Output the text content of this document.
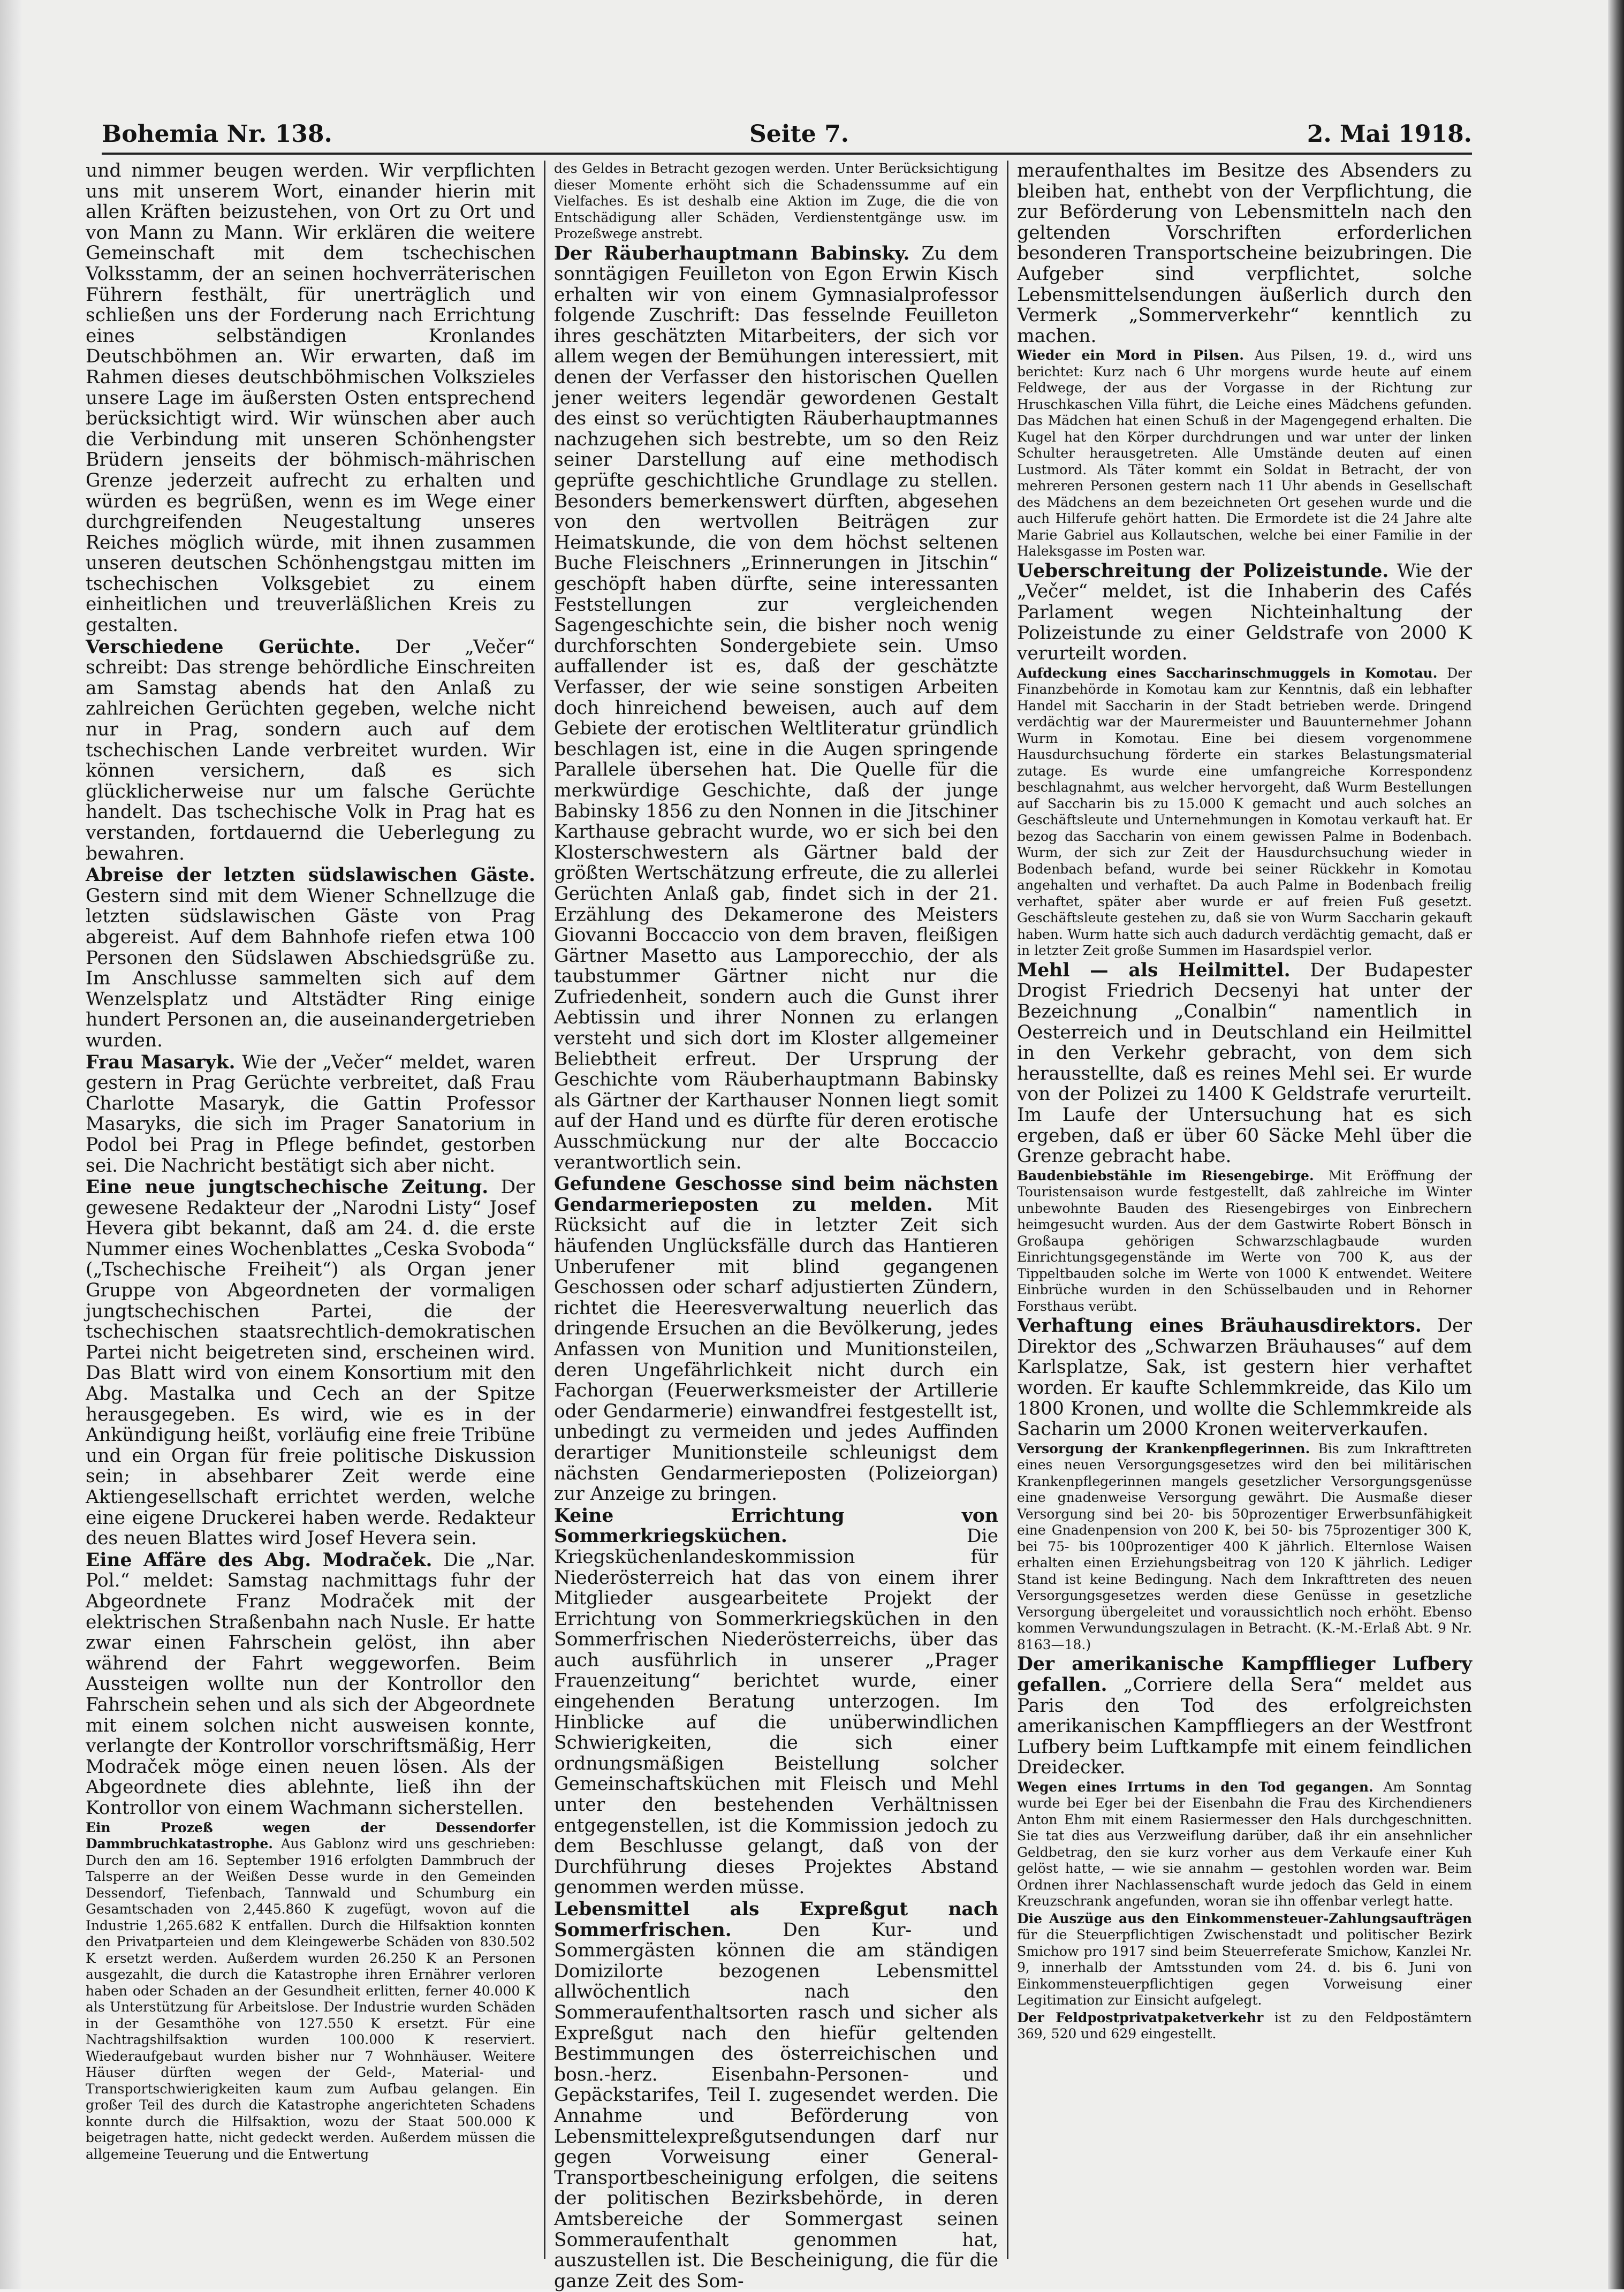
Bohemia Nr. 138.	Seite 7.	2. Mai 1918.

und nimmer beugen werden. Wir verpflichten uns mit unserem Wort, einander hierin mit allen Kräften beizustehen, von Ort zu Ort und von Mann zu Mann. Wir erklären die weitere Gemeinschaft mit dem tschechischen Volksstamm, der an seinen hochverräterischen Führern festhält, für unerträglich und schließen uns der Forderung nach Errichtung eines selbständigen Kronlandes Deutschböhmen an. Wir erwarten, daß im Rahmen dieses deutschböhmischen Volkszieles unsere Lage im äußersten Osten entsprechend berücksichtigt wird. Wir wünschen aber auch die Verbindung mit unseren Schönhengster Brüdern jenseits der böhmisch-mährischen Grenze jederzeit aufrecht zu erhalten und würden es begrüßen, wenn es im Wege einer durchgreifenden Neugestaltung unseres Reiches möglich würde, mit ihnen zusammen unseren deutschen Schönhengstgau mitten im tschechischen Volksgebiet zu einem einheitlichen und treuverläßlichen Kreis zu gestalten.

Verschiedene Gerüchte. Der „Večer“ schreibt: Das strenge behördliche Einschreiten am Samstag abends hat den Anlaß zu zahlreichen Gerüchten gegeben, welche nicht nur in Prag, sondern auch auf dem tschechischen Lande verbreitet wurden. Wir können versichern, daß es sich glücklicherweise nur um falsche Gerüchte handelt. Das tschechische Volk in Prag hat es verstanden, fortdauernd die Ueberlegung zu bewahren.

Abreise der letzten südslawischen Gäste. Gestern sind mit dem Wiener Schnellzuge die letzten südslawischen Gäste von Prag abgereist. Auf dem Bahnhofe riefen etwa 100 Personen den Südslawen Abschiedsgrüße zu. Im Anschlusse sammelten sich auf dem Wenzelsplatz und Altstädter Ring einige hundert Personen an, die auseinandergetrieben wurden.

Frau Masaryk. Wie der „Večer“ meldet, waren gestern in Prag Gerüchte verbreitet, daß Frau Charlotte Masaryk, die Gattin Professor Masaryks, die sich im Prager Sanatorium in Podol bei Prag in Pflege befindet, gestorben sei. Die Nachricht bestätigt sich aber nicht.

Eine neue jungtschechische Zeitung. Der gewesene Redakteur der „Narodni Listy“ Josef Hevera gibt bekannt, daß am 24. d. die erste Nummer eines Wochenblattes „Ceska Svoboda“ („Tschechische Freiheit“) als Organ jener Gruppe von Abgeordneten der vormaligen jungtschechischen Partei, die der tschechischen staatsrechtlich-demokratischen Partei nicht beigetreten sind, erscheinen wird. Das Blatt wird von einem Konsortium mit den Abg. Mastalka und Cech an der Spitze herausgegeben. Es wird, wie es in der Ankündigung heißt, vorläufig eine freie Tribüne und ein Organ für freie politische Diskussion sein; in absehbarer Zeit werde eine Aktiengesellschaft errichtet werden, welche eine eigene Druckerei haben werde. Redakteur des neuen Blattes wird Josef Hevera sein.

Eine Affäre des Abg. Modraček. Die „Nar. Pol.“ meldet: Samstag nachmittags fuhr der Abgeordnete Franz Modraček mit der elektrischen Straßenbahn nach Nusle. Er hatte zwar einen Fahrschein gelöst, ihn aber während der Fahrt weggeworfen. Beim Aussteigen wollte nun der Kontrollor den Fahrschein sehen und als sich der Abgeordnete mit einem solchen nicht ausweisen konnte, verlangte der Kontrollor vorschriftsmäßig, Herr Modraček möge einen neuen lösen. Als der Abgeordnete dies ablehnte, ließ ihn der Kontrollor von einem Wachmann sicherstellen.

Ein Prozeß wegen der Dessendorfer Dammbruchkatastrophe. Aus Gablonz wird uns geschrieben: Durch den am 16. September 1916 erfolgten Dammbruch der Talsperre an der Weißen Desse wurde in den Gemeinden Dessendorf, Tiefenbach, Tannwald und Schumburg ein Gesamtschaden von 2,445.860 K zugefügt, wovon auf die Industrie 1,265.682 K entfallen. Durch die Hilfsaktion konnten den Privatparteien und dem Kleingewerbe Schäden von 830.502 K ersetzt werden. Außerdem wurden 26.250 K an Personen ausgezahlt, die durch die Katastrophe ihren Ernährer verloren haben oder Schaden an der Gesundheit erlitten, ferner 40.000 K als Unterstützung für Arbeitslose. Der Industrie wurden Schäden in der Gesamthöhe von 127.550 K ersetzt. Für eine Nachtragshilfsaktion wurden 100.000 K reserviert. Wiederaufgebaut wurden bisher nur 7 Wohnhäuser. Weitere Häuser dürften wegen der Geld-, Material- und Transportschwierigkeiten kaum zum Aufbau gelangen. Ein großer Teil des durch die Katastrophe angerichteten Schadens konnte durch die Hilfsaktion, wozu der Staat 500.000 K beigetragen hatte, nicht gedeckt werden. Außerdem müssen die allgemeine Teuerung und die Entwertung

des Geldes in Betracht gezogen werden. Unter Berücksichtigung dieser Momente erhöht sich die Schadenssumme auf ein Vielfaches. Es ist deshalb eine Aktion im Zuge, die die von Entschädigung aller Schäden, Verdienstentgänge usw. im Prozeßwege anstrebt.

Der Räuberhauptmann Babinsky. Zu dem sonntägigen Feuilleton von Egon Erwin Kisch erhalten wir von einem Gymnasialprofessor folgende Zuschrift: Das fesselnde Feuilleton ihres geschätzten Mitarbeiters, der sich vor allem wegen der Bemühungen interessiert, mit denen der Verfasser den historischen Quellen jener weiters legendär gewordenen Gestalt des einst so verüchtigten Räuberhauptmannes nachzugehen sich bestrebte, um so den Reiz seiner Darstellung auf eine methodisch geprüfte geschichtliche Grundlage zu stellen. Besonders bemerkenswert dürften, abgesehen von den wertvollen Beiträgen zur Heimatskunde, die von dem höchst seltenen Buche Fleischners „Erinnerungen in Jitschin“ geschöpft haben dürfte, seine interessanten Feststellungen zur vergleichenden Sagengeschichte sein, die bisher noch wenig durchforschten Sondergebiete sein. Umso auffallender ist es, daß der geschätzte Verfasser, der wie seine sonstigen Arbeiten doch hinreichend beweisen, auch auf dem Gebiete der erotischen Weltliteratur gründlich beschlagen ist, eine in die Augen springende Parallele übersehen hat. Die Quelle für die merkwürdige Geschichte, daß der junge Babinsky 1856 zu den Nonnen in die Jitschiner Karthause gebracht wurde, wo er sich bei den Klosterschwestern als Gärtner bald der größten Wertschätzung erfreute, die zu allerlei Gerüchten Anlaß gab, findet sich in der 21. Erzählung des Dekamerone des Meisters Giovanni Boccaccio von dem braven, fleißigen Gärtner Masetto aus Lamporecchio, der als taubstummer Gärtner nicht nur die Zufriedenheit, sondern auch die Gunst ihrer Aebtissin und ihrer Nonnen zu erlangen versteht und sich dort im Kloster allgemeiner Beliebtheit erfreut. Der Ursprung der Geschichte vom Räuberhauptmann Babinsky als Gärtner der Karthauser Nonnen liegt somit auf der Hand und es dürfte für deren erotische Ausschmückung nur der alte Boccaccio verantwortlich sein.

Gefundene Geschosse sind beim nächsten Gendarmerieposten zu melden. Mit Rücksicht auf die in letzter Zeit sich häufenden Unglücksfälle durch das Hantieren Unberufener mit blind gegangenen Geschossen oder scharf adjustierten Zündern, richtet die Heeresverwaltung neuerlich das dringende Ersuchen an die Bevölkerung, jedes Anfassen von Munition und Munitionsteilen, deren Ungefährlichkeit nicht durch ein Fachorgan (Feuerwerksmeister der Artillerie oder Gendarmerie) einwandfrei festgestellt ist, unbedingt zu vermeiden und jedes Auffinden derartiger Munitionsteile schleunigst dem nächsten Gendarmerieposten (Polizeiorgan) zur Anzeige zu bringen.

Keine Errichtung von Sommerkriegsküchen.	Die Kriegsküchenlandeskommission für Niederösterreich hat das von einem ihrer Mitglieder ausgearbeitete Projekt der Errichtung von Sommerkriegsküchen in den Sommerfrischen Niederösterreichs, über das auch ausführlich in unserer „Prager Frauenzeitung“ berichtet wurde, einer eingehenden Beratung unterzogen. Im Hinblicke auf die unüberwindlichen Schwierigkeiten, die sich einer ordnungsmäßigen Beistellung solcher Gemeinschaftsküchen mit Fleisch und Mehl unter den bestehenden Verhältnissen entgegenstellen, ist die Kommission jedoch zu dem Beschlusse gelangt, daß von der Durchführung dieses Projektes Abstand genommen werden müsse.

Lebensmittel als Expreßgut nach Sommerfrischen.	Den Kur- und Sommergästen können die am ständigen Domizilorte bezogenen Lebensmittel allwöchentlich nach den Sommeraufenthaltsorten rasch und sicher als Expreßgut nach den hiefür geltenden Bestimmungen des österreichischen und bosn.-herz. Eisenbahn-Personen- und Gepäckstarifes, Teil I. zugesendet werden. Die Annahme und Beförderung von Lebensmittelexpreßgutsendungen darf nur gegen Vorweisung einer General-Transportbescheinigung erfolgen, die seitens der politischen Bezirksbehörde, in deren Amtsbereiche der Sommergast seinen Sommeraufenthalt genommen hat, auszustellen ist. Die Bescheinigung, die für die ganze Zeit des Som-

meraufenthaltes im Besitze des Absenders zu bleiben hat, enthebt von der Verpflichtung, die zur Beförderung von Lebensmitteln nach den geltenden Vorschriften erforderlichen besonderen Transportscheine beizubringen. Die Aufgeber sind verpflichtet, solche Lebensmittelsendungen äußerlich durch den Vermerk „Sommerverkehr“ kenntlich zu machen.

Wieder ein Mord in Pilsen. Aus Pilsen, 19. d., wird uns berichtet: Kurz nach 6 Uhr morgens wurde heute auf einem Feldwege, der aus der Vorgasse in der Richtung zur Hruschkaschen Villa führt, die Leiche eines Mädchens gefunden. Das Mädchen hat einen Schuß in der Magengegend erhalten. Die Kugel hat den Körper durchdrungen und war unter der linken Schulter herausgetreten. Alle Umstände deuten auf einen Lustmord. Als Täter kommt ein Soldat in Betracht, der von mehreren Personen gestern nach 11 Uhr abends in Gesellschaft des Mädchens an dem bezeichneten Ort gesehen wurde und die auch Hilferufe gehört hatten. Die Ermordete ist die 24 Jahre alte Marie Gabriel aus Kollautschen, welche bei einer Familie in der Haleksgasse im Posten war.

Ueberschreitung der Polizeistunde. Wie der „Večer“ meldet, ist die Inhaberin des Cafés Parlament wegen Nichteinhaltung der Polizeistunde zu einer Geldstrafe von 2000 K verurteilt worden.

Aufdeckung eines Saccharinschmuggels in Komotau. Der Finanzbehörde in Komotau kam zur Kenntnis, daß ein lebhafter Handel mit Saccharin in der Stadt betrieben werde. Dringend verdächtig war der Maurermeister und Bauunternehmer Johann Wurm in Komotau. Eine bei diesem vorgenommene Hausdurchsuchung förderte ein starkes Belastungsmaterial zutage. Es wurde eine umfangreiche Korrespondenz beschlagnahmt, aus welcher hervorgeht, daß Wurm Bestellungen auf Saccharin bis zu 15.000 K gemacht und auch solches an Geschäftsleute und Unternehmungen in Komotau verkauft hat. Er bezog das Saccharin von einem gewissen Palme in Bodenbach. Wurm, der sich zur Zeit der Hausdurchsuchung wieder in Bodenbach befand, wurde bei seiner Rückkehr in Komotau angehalten und verhaftet. Da auch Palme in Bodenbach freilig verhaftet, später aber wurde er auf freien Fuß gesetzt. Geschäftsleute gestehen zu, daß sie von Wurm Saccharin gekauft haben. Wurm hatte sich auch dadurch verdächtig gemacht, daß er in letzter Zeit große Summen im Hasardspiel verlor.

Mehl — als Heilmittel. Der Budapester Drogist Friedrich Decsenyi hat unter der Bezeichnung „Conalbin“ namentlich in Oesterreich und in Deutschland ein Heilmittel in den Verkehr gebracht, von dem sich herausstellte, daß es reines Mehl sei. Er wurde von der Polizei zu 1400 K Geldstrafe verurteilt. Im Laufe der Untersuchung hat es sich ergeben, daß er über 60 Säcke Mehl über die Grenze gebracht habe.

Baudenbiebstähle im Riesengebirge. Mit Eröffnung der Touristensaison wurde festgestellt, daß zahlreiche im Winter unbewohnte Bauden des Riesengebirges von Einbrechern heimgesucht wurden. Aus der dem Gastwirte Robert Bönsch in Großaupa gehörigen Schwarzschlagbaude wurden Einrichtungsgegenstände im Werte von 700 K, aus der Tippeltbauden solche im Werte von 1000 K entwendet. Weitere Einbrüche wurden in den Schüsselbauden und in Rehorner Forsthaus verübt.

Verhaftung eines Bräuhausdirektors. Der Direktor des „Schwarzen Bräuhauses“ auf dem Karlsplatze, Sak, ist gestern hier verhaftet worden. Er kaufte Schlemmkreide, das Kilo um 1800 Kronen, und wollte die Schlemmkreide als Sacharin um 2000 Kronen weiterverkaufen.

Versorgung der Krankenpflegerinnen. Bis zum Inkrafttreten eines neuen Versorgungsgesetzes wird den bei militärischen Krankenpflegerinnen mangels gesetzlicher Versorgungsgenüsse eine gnadenweise Versorgung gewährt. Die Ausmaße dieser Versorgung sind bei 20- bis 50prozentiger Erwerbsunfähigkeit eine Gnadenpension von 200 K, bei 50- bis 75prozentiger 300 K, bei 75- bis 100prozentiger 400 K jährlich. Elternlose Waisen erhalten einen Erziehungsbeitrag von 120 K jährlich. Lediger Stand ist keine Bedingung. Nach dem Inkrafttreten des neuen Versorgungsgesetzes werden diese Genüsse in gesetzliche Versorgung übergeleitet und voraussichtlich noch erhöht. Ebenso kommen Verwundungszulagen in Betracht. (K.-M.-Erlaß Abt. 9 Nr. 8163—18.)

Der amerikanische Kampfflieger Lufbery gefallen. „Corriere della Sera“ meldet aus Paris den Tod des erfolgreichsten amerikanischen Kampffliegers an der Westfront Lufbery beim Luftkampfe mit einem feindlichen Dreidecker.

Wegen eines Irrtums in den Tod gegangen. Am Sonntag wurde bei Eger bei der Eisenbahn die Frau des Kirchendieners Anton Ehm mit einem Rasiermesser den Hals durchgeschnitten. Sie tat dies aus Verzweiflung darüber, daß ihr ein ansehnlicher Geldbetrag, den sie kurz vorher aus dem Verkaufe einer Kuh gelöst hatte, — wie sie annahm — gestohlen worden war. Beim Ordnen ihrer Nachlassenschaft wurde jedoch das Geld in einem Kreuzschrank angefunden, woran sie ihn offenbar verlegt hatte.

Die Auszüge aus den Einkommensteuer-Zahlungsaufträgen für die Steuerpflichtigen Zwischenstadt und politischer Bezirk Smichow pro 1917 sind beim Steuerreferate Smichow, Kanzlei Nr. 9, innerhalb der Amtsstunden vom 24. d. bis 6. Juni von Einkommensteuerpflichtigen gegen Vorweisung einer Legitimation zur Einsicht aufgelegt.

Der Feldpostprivatpaketverkehr ist zu den Feldpostämtern 369, 520 und 629 eingestellt.
